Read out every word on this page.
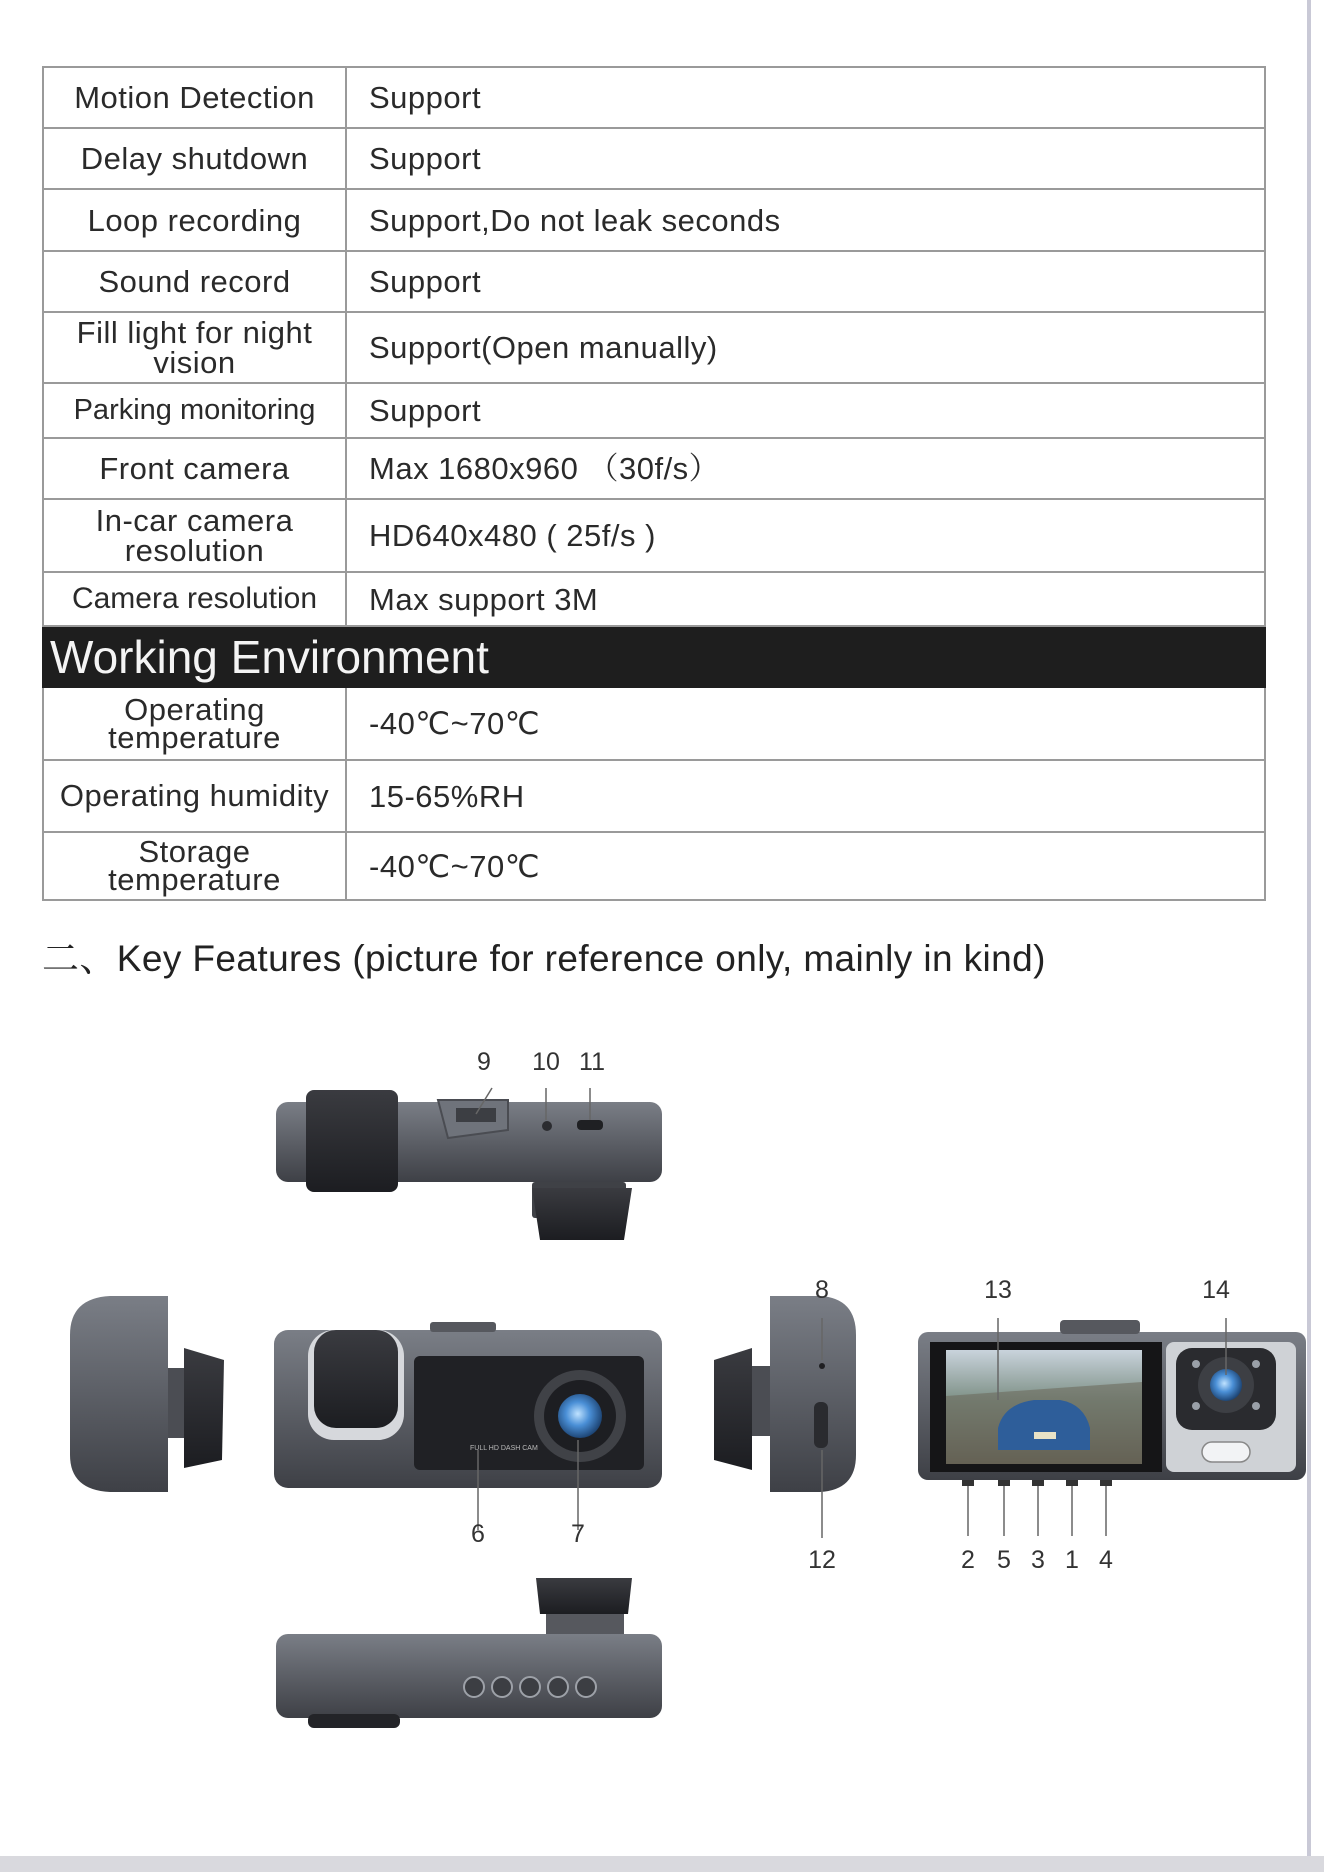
Motion Detection	Support
Delay shutdown	Support
Loop recording	Support,Do not leak seconds
Sound record	Support
Fill light for night vision	Support(Open manually)
Parking monitoring	Support
Front camera	Max 1680x960 （30f/s）
In-car camera resolution	HD640x480 ( 25f/s )
Camera resolution	Max support 3M
Working Environment	
Operating temperature	-40℃~70℃
Operating humidity	15-65%RH
Storage temperature	-40℃~70℃
二、Key Features (picture for reference only, mainly in kind)
9 10 11
FULL HD DASH CAM
6	7
8
12
13	14
2 5 3 1 4
